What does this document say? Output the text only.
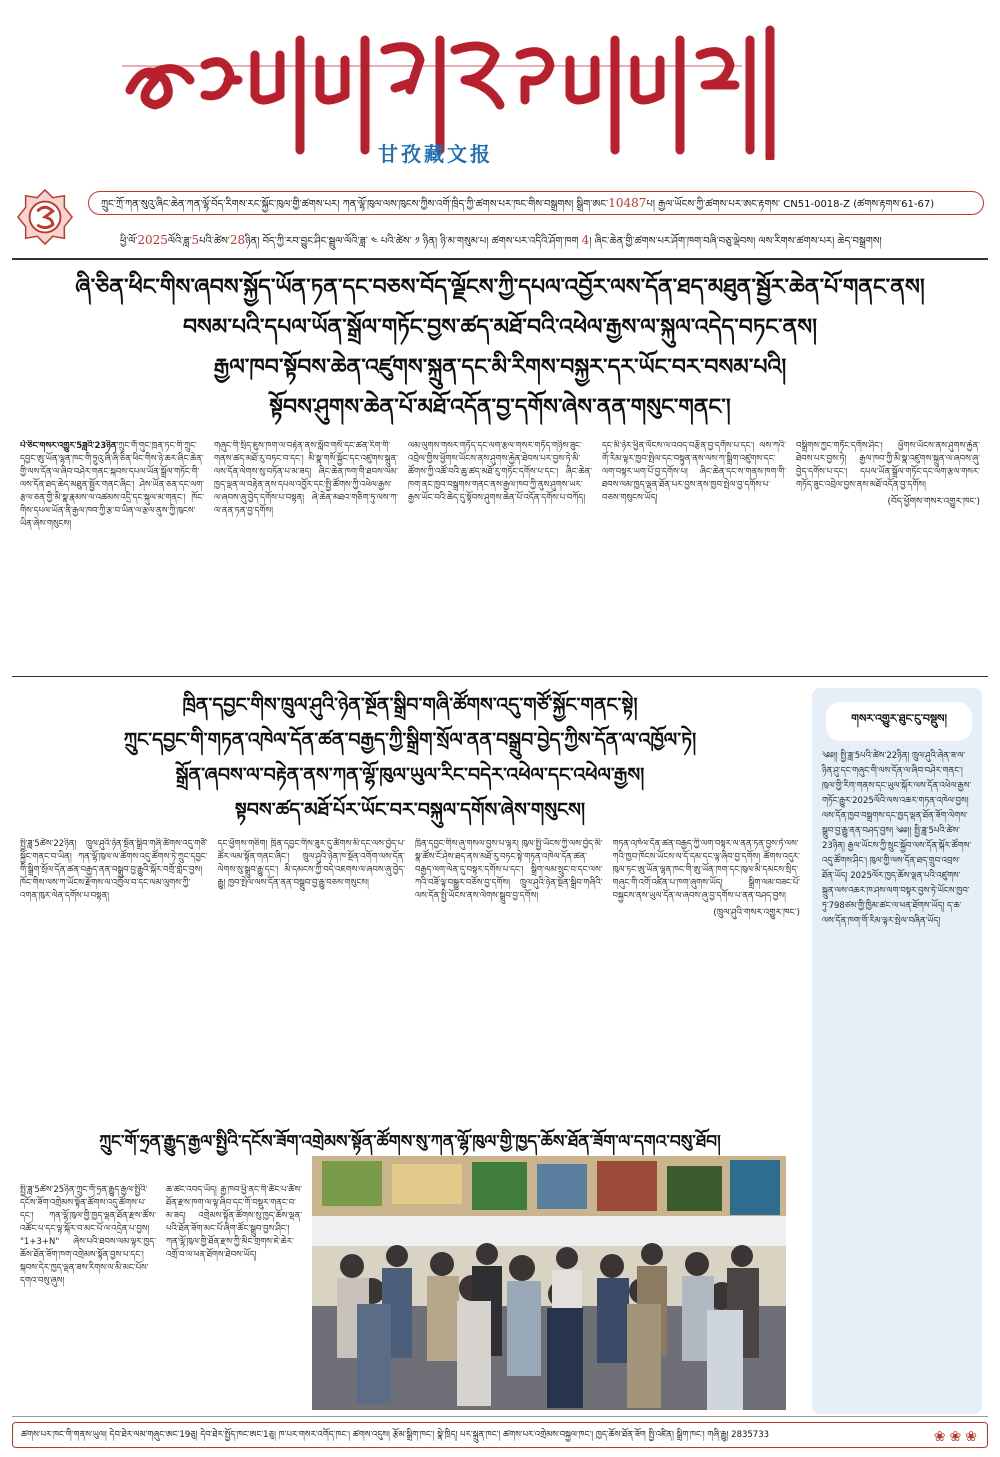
甘孜藏文报
ཀྲུང་ཀྲོ་ཀན་སུའུ་ཞིང་ཆེན་ཀན་ལྷོ་བོད་རིགས་རང་སྐྱོང་ཁུལ་གྱི་ཚགས་པར། ཀན་ལྷོ་ཁུལ་ལས་ཁུངས་ཀྱིས་འགོ་ཁྲིད་ཀྱི་ཚགས་པར་ཁང་གིས་བསྒྲགས། སྒྲིག་ཨང་10487པ། རྒྱལ་ཡོངས་ཀྱི་ཚགས་པར་ཨང་རྟགས་ CN51-0018-Z (ཚགས་རྟགས་61-67)
ཕྱི་ལོ་2025ལོའི་ཟླ་5པའི་ཚེས་28ཉིན། བོད་ཀྱི་རབ་བྱུང་ཤིང་སྦྲུལ་ལོའི་ཟླ་ ༤ པའི་ཚེས་ ༡ ཉིན། ཉི་མ་གསུམ་པ། ཚགས་པར་འདིའི་ཤོག་ཁག 4། ཞིང་ཆེན་གྱི་ཚགས་པར་ཤོག་ཁག་བཞི་བཅུ་ལྡེབས། ལས་རིགས་ཚགས་པར། ཆེད་བསྒྲགས།
ཞི་ཅིན་ཕིང་གིས་ཞབས་སྐྱོད་ཡོན་ཏན་དང་བཅས་བོད་ལྗོངས་ཀྱི་དཔལ་འབྱོར་ལས་དོན་ཐད་མཐུན་སྦྱོར་ཆེན་པོ་གནང་ནས།
བསམ་པའི་དཔལ་ཡོན་སྒྲོལ་གཏོང་བྱས་ཚད་མཐོ་བའི་འཕེལ་རྒྱས་ལ་སྐུལ་འདེད་བཏང་ནས།
རྒྱལ་ཁབ་སྟོབས་ཆེན་འཛུགས་སྐྲུན་དང་མི་རིགས་བསྐྱར་དར་ཡོང་བར་བསམ་པའི།
སྟོབས་ཤུགས་ཆེན་པོ་མཐོ་འདོན་བྱ་དགོས་ཞེས་ནན་གསུང་གནང་།
པེ་ཅིང་གསར་འགྱུར་5ཟླའི་23ཉིན་ཀྲུང་གོ་གུང་ཁྲན་ཏང་གི་ཀྲུང་དབྱང་ཨུ་ཡོན་ལྷན་ཁང་གི་ཏྲུའུ་ཞི་ཞི་ཅིན་ཕིང་གིས་ཉེ་ཆར་ཞིང་ཆེན་གྱི་ལས་དོན་ལ་ཞིབ་བཤེར་གནང་སྐབས་དཔལ་ཡོན་སྒྲོལ་གཏོང་གི་ལས་དོན་ཐད་ཆེད་མཐུན་སྦྱོར་གནང་ཞིང་། ཤེས་ཡོན་ཅན་དང་ལག་རྩལ་ཅན་གྱི་མི་སྣ་རྣམས་ལ་འཚམས་འདྲི་དང་སྐུལ་མ་གནང་། ཁོང་གིས་དཔལ་ཡོན་ནི་རྒྱལ་ཁབ་ཀྱི་རྩ་བ་ཡིན་ལ་རྩལ་ནུས་ཀྱི་ཁུངས་ཡིན་ཞེས་གསུངས།
གཞུང་གི་སྲིད་ཇུས་ཁག་ལ་བརྟེན་ནས་སློབ་གསོ་དང་ཚན་རིག་གི་གནས་ཚད་མཐོ་རུ་བཏང་བ་དང་། མི་སྣ་གསོ་སྐྱོང་དང་འཛུགས་སྐྲུན་ལས་དོན་ལེགས་སུ་བཏོན་པ་མ་ཟད། ཞིང་ཆེན་ཁག་གི་ཐབས་ལམ་ཁྱད་ལྡན་ལ་བརྟེན་ནས་དཔལ་འབྱོར་དང་སྤྱི་ཚོགས་ཀྱི་འཕེལ་རྒྱས་ལ་ཞབས་ཞུ་བྱེད་དགོས་པ་བསྟན། ཞེ་ཆེན་མཐའ་གཅིག་ཏུ་ལས་ཀ་ལ་ནན་ཏན་བྱ་དགོས།
ལམ་ལུགས་གསར་གཏོད་དང་ལག་རྩལ་གསར་གཏོད་གཉིས་ཟུང་འབྲེལ་གྱིས་ཕྱོགས་ཡོངས་ནས་ཤུགས་རྐྱེན་ཐེབས་པར་བྱས་ཏེ་མི་ཚོགས་ཀྱི་འཚོ་བའི་ཆུ་ཚད་མཐོ་རུ་གཏོང་དགོས་པ་དང་། ཞིང་ཆེན་ཁག་ནང་ཁྱབ་བསྒྲགས་གནང་ནས་རྒྱལ་ཁབ་ཀྱི་ནུས་ཤུགས་ཡར་རྒྱས་ཡོང་བའི་ཆེད་དུ་སྟོབས་ཤུགས་ཆེན་པོ་འདོན་དགོས་པ་བཀོད།
དང་མི་ཉེར་ཕྱིན་ལོངས་ལ་འབད་བརྩོན་བྱ་དགོས་པ་དང་། ལས་ཀའི་གོ་རིམ་ལྟར་ཁྱབ་སྤེལ་དང་བསྟུན་ནས་ལས་ཀ་སྒྲིག་འཛུགས་དང་ལག་བསྟར་ཡག་པོ་བྱ་དགོས་པ། ཞིང་ཆེན་དང་ས་གནས་ཁག་གི་ཐབས་ལམ་ཁྱད་ལྡན་ཐོན་པར་བྱས་ནས་ཁྱབ་སྤེལ་བྱ་དགོས་པ་བཅས་གསུངས་ཡོད།
བསྒྲིགས་ཀྱང་གཏོང་དགོས་ཤིང་། ཕྱོགས་ཡོངས་ནས་ཤུགས་རྐྱེན་ཐེབས་པར་བྱས་ཏེ། རྒྱལ་ཁབ་ཀྱི་མི་སྣ་འཛུགས་སྐྲུན་ལ་ཞབས་ཞུ་བྱེད་དགོས་པ་དང་། དཔལ་ཡོན་སྒྲོལ་གཏོང་དང་ལག་རྩལ་གསར་གཏོད་ཟུང་འབྲེལ་བྱས་ནས་མཐོ་འདོན་བྱ་དགོས།
(བོད་ཕྱོགས་གསར་འགྱུར་ཁང་)
ཁྲིན་དབྱང་གིས་ཁྲུལ་ཤུའི་ཉེན་སྔོན་སྒྲིབ་གཞི་ཚོགས་འདུ་གཙོ་སྐྱོང་གནང་སྟེ།
ཀྲུང་དབྱང་གི་གཏན་འཁེལ་དོན་ཚན་བརྒྱད་ཀྱི་སྒྲིག་སྲོལ་ནན་བསྒྲུབ་བྱེད་ཀྱིས་དོན་ལ་འཁྱོལ་ཏེ།
སྒྲོན་ཞབས་ལ་བརྟེན་ནས་ཀན་ལྷོ་ཁུལ་ཡུལ་རིང་བདེར་འཕེལ་དང་འཕེལ་རྒྱས།
སྟབས་ཚད་མཐོ་པོར་ཡོང་བར་བསྐུལ་དགོས་ཞེས་གསུངས།
སྤྱི་ཟླ་5ཚེས་22ཉིན། ཁྲུལ་ཤུའི་ཉེན་སྔོན་སྒྲིབ་གཞི་ཚོགས་འདུ་གཙོ་སྐྱོང་གནང་བ་ཡིན། ཀན་ལྷོ་ཁུལ་ལ་ཚོགས་འདུ་ཚོགས་ཏེ་ཀྲུང་དབྱང་གི་སྒྲིག་སྲོལ་དོན་ཚན་བརྒྱད་ནན་བསྒྲུབ་བྱ་རྒྱུའི་སྐོར་བགྲོ་གླེང་བྱས། ཁོང་གིས་ལས་ཀ་ཡོངས་རྫོགས་ལ་འཁྱོལ་བ་དང་ལམ་ལུགས་ཀྱི་འགན་ཁུར་ལེན་དགོས་པ་བསྟན།
དང་ཕྱོགས་གཅིག། ཁྲིན་དབྱང་གིས་ཟུར་དུ་ཚོགས་མི་དང་ལས་བྱེད་པ་ཚོར་ལམ་སྟོན་གནང་ཞིང་། ཁྲུལ་ཤུའི་ཉེན་ཁ་སྔོན་འགོག་ལས་དོན་ལེགས་སུ་སྒྲུབ་རྒྱུ་དང་། མི་དམངས་ཀྱི་བདེ་འཇགས་ལ་ཞབས་ཞུ་བྱེད་རྒྱུ། ཁྱབ་སྤེལ་ལས་དོན་ནན་བསྒྲུབ་བྱ་རྒྱུ་བཅས་གསུངས།
ཁྲིན་དབྱང་གིས་ཞུ་གསལ་བྱས་པ་ལྟར། ཁུལ་སྤྱི་ཡོངས་ཀྱི་ལས་བྱེད་མི་སྣ་ཚོས་ངོ་ཤེས་ཐད་ནས་མཐོ་རུ་བཏང་སྟེ་གཏན་འཁེལ་དོན་ཚན་བརྒྱད་ལག་ལེན་དུ་བསྟར་དགོས་པ་དང་། སྒྲིག་ལམ་སྲུང་བ་དང་ལས་ཀའི་བཟོ་ལྟ་བསྒྱུར་བཅོས་བྱ་དགོས། ཁྲུལ་ཤུའི་ཉེན་སྔོན་སྒྲིབ་གཞིའི་ལས་དོན་སྤྱི་ཡོངས་ནས་ལེགས་སྒྲུབ་བྱ་དགོས།
གཏན་འཁེལ་དོན་ཚན་བརྒྱད་ཀྱི་ལག་བསྟར་ལ་ནན་ཏན་བྱས་ཏེ་ལས་ཀའི་ཁྱབ་ཁོངས་ཡོངས་ལ་དོ་དམ་དང་ལྟ་ཞིབ་བྱ་དགོས། ཚོགས་འདུར་ཁུལ་ཏང་ཨུ་ཡོན་ལྷན་ཁང་གི་ཨུ་ཡོན་ཁག་དང་ཁུལ་མི་དམངས་སྲིད་གཞུང་གི་འགོ་འཛིན་པ་ཁག་ཞུགས་ཡོད། སྒྲིག་ལམ་བཟང་པོ་བསྐྱངས་ནས་ཡུལ་དོན་ལ་ཞབས་ཞུ་བྱ་དགོས་པ་ནན་བཤད་བྱས།
(ཁྲུལ་ཤུའི་གསར་འགྱུར་ཁང་)
ཀྲུང་གོ་ཧྲན་རྒྱུད་རྒྱལ་སྤྱིའི་དངོས་ཟོག་འགྲེམས་སྟོན་ཚོགས་སུ་ཀན་ལྷོ་ཁུལ་གྱི་ཁྱད་ཆོས་ཐོན་ཟོག་ལ་དགའ་བསུ་ཐོབ།
སྤྱི་ཟླ་5ཚེས་25ཉིན་ཀྲུང་གོ་ཧྲན་རྒྱུད་རྒྱལ་སྤྱིའི་དངོས་ཟོག་འགྲེམས་སྟོན་ཚོགས་འདུ་ཚོགས་པ་དང་། ཀན་ལྷོ་ཁུལ་གྱི་ཁྱད་ལྡན་ཐོན་རྫས་ཚོས་འཚོང་པ་དང་ལྟ་སྐོར་བ་མང་པོ་ལ་འདྲེན་པ་བྱས། "1+3+N" ཞེས་པའི་ཐབས་ལམ་ལྟར་ཁྱད་ཆོས་ཐོན་ཟོག་ཁག་འགྲེམས་སྟོན་བྱས་པ་དང་། སྐབས་དེར་ཁྱད་ལྡན་ཟས་རིགས་ལ་མི་མང་པོས་དགའ་བསུ་ཞུས།
ཆ་ཚང་འབད་ཡོད། རྒྱ་ཁབ་ཕྱི་ནང་གི་ཚོང་པ་ཚོས་ཐོན་རྫས་ཁག་ལ་ལྟ་ཞིབ་དང་གོ་བསྡུར་གནང་བ་མ་ཟད། འགྲེམས་སྟོན་ཚོགས་སུ་ཁྱད་ཆོས་ལྡན་པའི་ཐོན་ཟོག་མང་པོ་ཞིག་ཚོང་སྒྲུབ་བྱས་ཤིང་། ཀན་ལྷོ་ཁུལ་གྱི་ཐོན་རྫས་ཀྱི་མིང་གྲགས་ཇེ་ཆེར་འགྲོ་བ་ལ་ཕན་ཐོགས་ཐེབས་ཡོད།
གསར་འགྱུར་ཐུང་ངུ་བསྡུས།
༄༅།། སྤྱི་ཟླ་5པའི་ཚེས་22ཉིན། ཁྲུལ་ཤུའི་ཞེན་ཟ་ལ་ཉིན་ཤུ་དང་གཞུང་གི་ལས་དོན་ལ་ཞིབ་བཤེར་གནང་། ཁུལ་གྱི་རིག་གནས་དང་ཡུལ་སྐོར་ལས་དོན་འཕེལ་རྒྱས་གཏོང་རྒྱུར་2025ལོའི་ལས་འཆར་གཏན་འཁེལ་བྱས། ལས་དོན་ཁྱབ་བསྒྲགས་དང་ཁྱད་ལྡན་ཐོན་ཟོག་ལེགས་སྒྲུབ་བྱ་རྒྱུ་ནན་བཤད་བྱས། ༄༅།། སྤྱི་ཟླ་5པའི་ཚེས་23ཉིན། རྒྱལ་ཡོངས་ཀྱི་སྲུང་སྐྱོབ་ལས་དོན་སྐོར་ཚོགས་འདུ་ཚོགས་ཤིང་། ཁུལ་གྱི་ལས་དོན་ཐད་གྲུབ་འབྲས་ཐོན་ཡོད། 2025ལོར་ཁྱད་ཆོས་ལྡན་པའི་འཛུགས་སྐྲུན་ལས་འཆར་ཁ་ཤས་ལག་བསྟར་བྱས་ཏེ་ཡོངས་ཁྱབ་ཏུ་798ཙམ་གྱི་ཁྱིམ་ཚང་ལ་ཕན་ཐོགས་ཡོད། ད་ཆ་ལས་དོན་ཁག་གོ་རིམ་ལྟར་སྤེལ་བཞིན་ཡོད།
ཚགས་པར་ཁང་གི་གནས་ཡུལ། དེབ་ཐེར་ལམ་གཞུང་ཨང་19ཅུ། དེབ་ཐེར་སྤྱོད་ཁང་ཨང་1ཅུ། ཁ་པར་གསར་འགོད་ཁང་། ཚགས་འདུས། རྩོམ་སྒྲིག་ཁང་། སྣེ་ཁྲིད། པར་སྐྲུན་ཁང་། ཚགས་པར་འགྲེམས་བསྐྱལ་ཁང་། ཁྱད་ཆོས་ཐོན་ཟོག སྤྱི་འཛིན། སྒྲིག་ཁང་། གཞི་རྒྱུ། 2835733	❀ ❀ ❀
